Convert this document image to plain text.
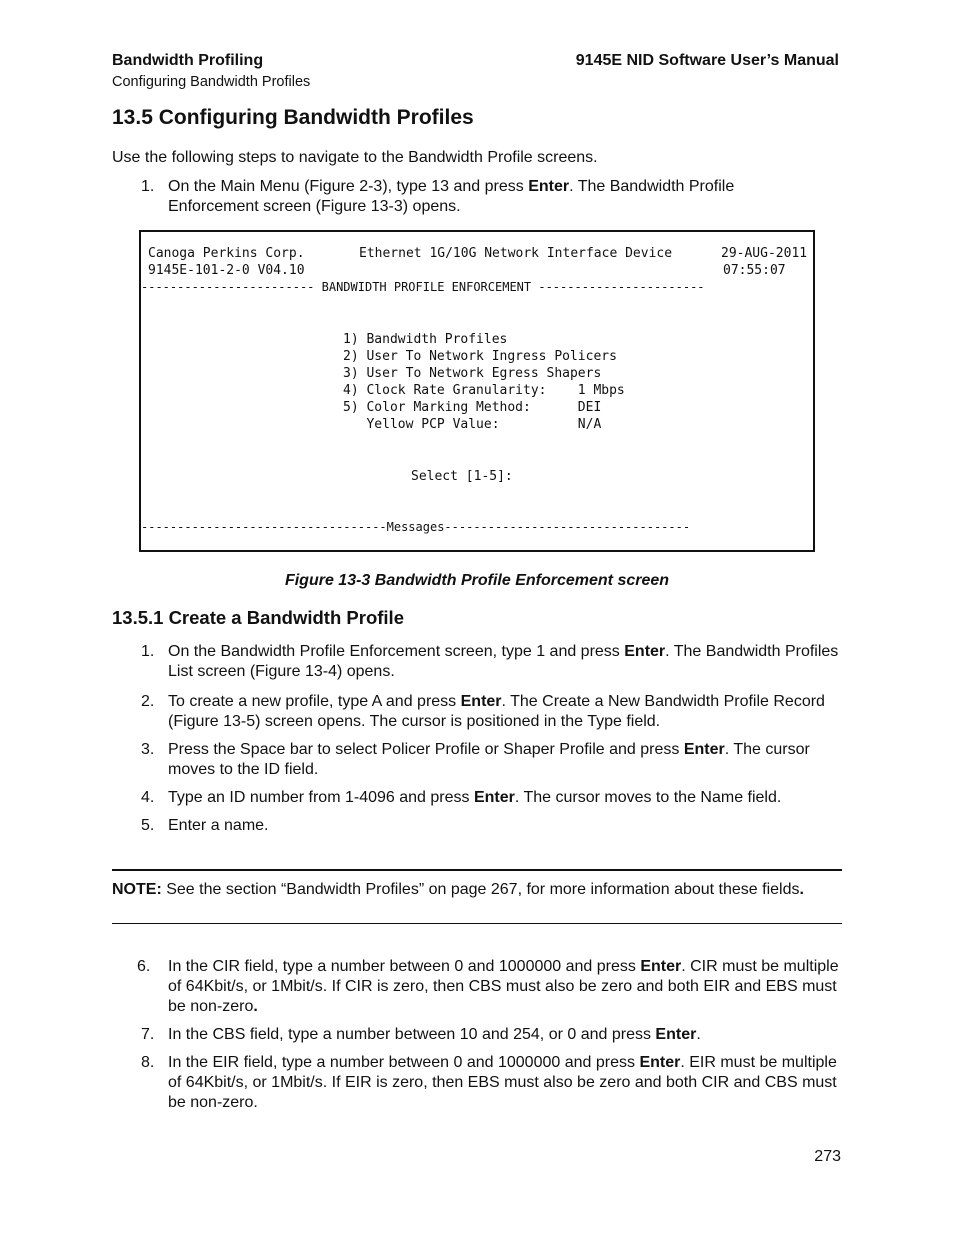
Bandwidth Profiling
Configuring Bandwidth Profiles
9145E NID Software User’s Manual
13.5 Configuring Bandwidth Profiles
Use the following steps to navigate to the Bandwidth Profile screens.
1. On the Main Menu (Figure 2-3), type 13 and press Enter. The Bandwidth Profile Enforcement screen (Figure 13-3) opens.
Canoga Perkins Corp.	Ethernet 1G/10G Network Interface Device	29-AUG-2011
9145E-101-2-0 V04.10	07:55:07
------------------------ BANDWIDTH PROFILE ENFORCEMENT -----------------------
1) Bandwidth Profiles
2) User To Network Ingress Policers
3) User To Network Egress Shapers
4) Clock Rate Granularity:    1 Mbps
5) Color Marking Method:      DEI
Yellow PCP Value:          N/A
Select [1-5]:
----------------------------------Messages----------------------------------
Figure 13-3 Bandwidth Profile Enforcement screen
13.5.1 Create a Bandwidth Profile
1. On the Bandwidth Profile Enforcement screen, type 1 and press Enter. The Bandwidth Profiles List screen (Figure 13-4) opens.
2. To create a new profile, type A and press Enter. The Create a New Bandwidth Profile Record (Figure 13-5) screen opens. The cursor is positioned in the Type field.
3. Press the Space bar to select Policer Profile or Shaper Profile and press Enter. The cursor moves to the ID field.
4. Type an ID number from 1-4096 and press Enter. The cursor moves to the Name field.
5. Enter a name.
NOTE: See the section “Bandwidth Profiles” on page 267, for more information about these fields.
6. In the CIR field, type a number between 0 and 1000000 and press Enter. CIR must be multiple of 64Kbit/s, or 1Mbit/s. If CIR is zero, then CBS must also be zero and both EIR and EBS must be non-zero.
7. In the CBS field, type a number between 10 and 254, or 0 and press Enter.
8. In the EIR field, type a number between 0 and 1000000 and press Enter. EIR must be multiple of 64Kbit/s, or 1Mbit/s. If EIR is zero, then EBS must also be zero and both CIR and CBS must be non-zero.
273
